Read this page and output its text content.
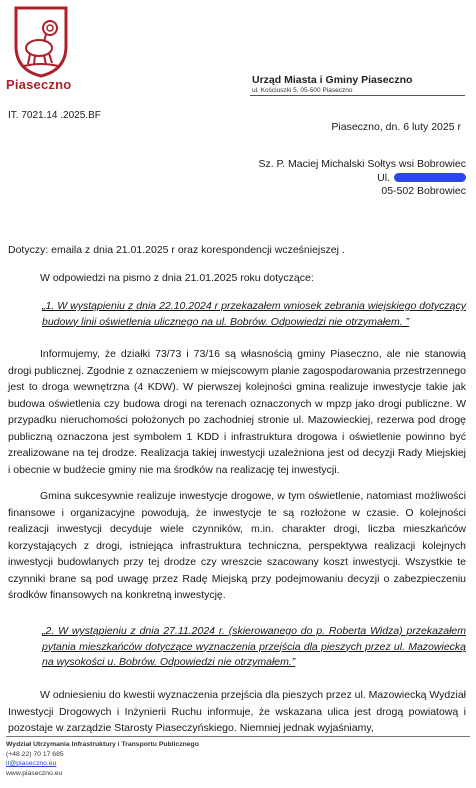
Piaseczno	Urząd Miasta i Gminy Piaseczno
ul. Kościuszki 5, 05-500 Piaseczno
IT. 7021.14 .2025.BF
Piaseczno, dn. 6 luty 2025 r
Sz. P. Maciej Michalski Sołtys wsi Bobrowiec
Ul.
05-502 Bobrowiec
Dotyczy: emaila z dnia 21.01.2025 r oraz korespondencji wcześniejszej .
W odpowiedzi na pismo z dnia 21.01.2025 roku dotyczące:
„1. W wystąpieniu z dnia 22.10.2024 r przekazałem wniosek zebrania wiejskiego dotyczący budowy linii oświetlenia ulicznego na ul. Bobrów. Odpowiedzi nie otrzymałem. ”
Informujemy, że działki 73/73 i 73/16 są własnością gminy Piaseczno, ale nie stanowią drogi publicznej. Zgodnie z oznaczeniem w miejscowym planie zagospodarowania przestrzennego jest to droga wewnętrzna (4 KDW). W pierwszej kolejności gmina realizuje inwestycje takie jak budowa oświetlenia czy budowa drogi na terenach oznaczonych w mpzp jako drogi publiczne. W przypadku nieruchomości położonych po zachodniej stronie ul. Mazowieckiej, rezerwa pod drogę publiczną oznaczona jest symbolem 1 KDD i infrastruktura drogowa i oświetlenie powinno być zrealizowane na tej drodze. Realizacja takiej inwestycji uzależniona jest od decyzji Rady Miejskiej i obecnie w budżecie gminy nie ma środków na realizację tej inwestycji.
Gmina sukcesywnie realizuje inwestycje drogowe, w tym oświetlenie, natomiast możliwości finansowe i organizacyjne powodują, że inwestycje te są rozłożone w czasie. O kolejności realizacji inwestycji decyduje wiele czynników, m.in. charakter drogi, liczba mieszkańców korzystających z drogi, istniejąca infrastruktura techniczna, perspektywa realizacji kolejnych inwestycji budowlanych przy tej drodze czy wreszcie szacowany koszt inwestycji. Wszystkie te czynniki brane są pod uwagę przez Radę Miejską przy podejmowaniu decyzji o zabezpieczeniu środków finansowych na konkretną inwestycję.
„2. W wystąpieniu z dnia 27.11.2024 r. (skierowanego do p. Roberta Widza) przekazałem pytania mieszkańców dotyczące wyznaczenia przejścia dla pieszych przez ul. Mazowiecką na wysokości u. Bobrów. Odpowiedzi nie otrzymałem.”
W odniesieniu do kwestii wyznaczenia przejścia dla pieszych przez ul. Mazowiecką Wydział Inwestycji Drogowych i Inżynierii Ruchu informuje, że wskazana ulica jest drogą powiatową i pozostaje w zarządzie Starosty Piaseczyńskiego. Niemniej jednak wyjaśniamy,
Wydział Utrzymania Infrastruktury i Transportu Publicznego
(+48 22) 70 17 685
it@piaseczno.eu
www.piaseczno.eu
